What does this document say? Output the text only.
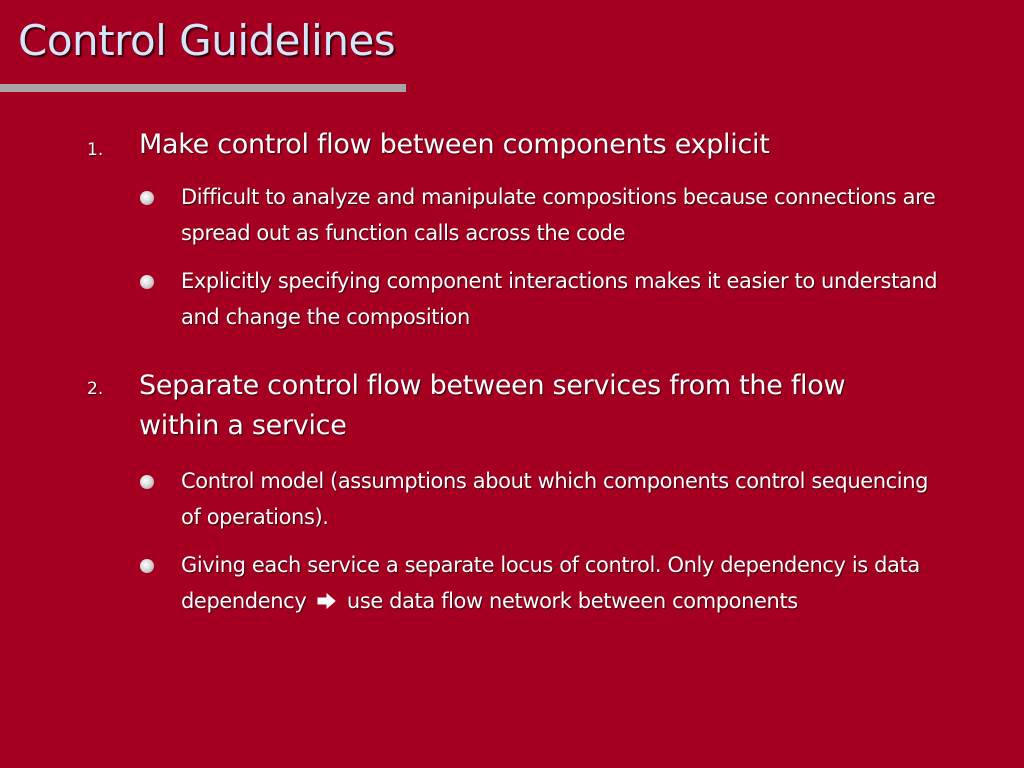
Control Guidelines
1. Make control flow between components explicit
Difficult to analyze and manipulate compositions because connections are spread out as function calls across the code
Explicitly specifying component interactions makes it easier to understand and change the composition
2. Separate control flow between services from the flow within a service
Control model (assumptions about which components control sequencing of operations).
Giving each service a separate locus of control. Only dependency is data dependency use data flow network between components
